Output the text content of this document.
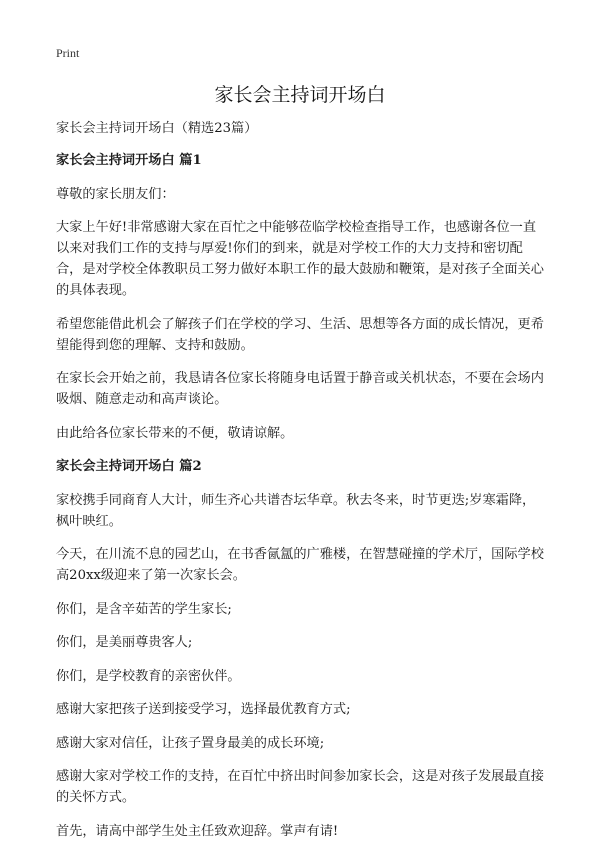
Print
家长会主持词开场白

家长会主持词开场白（精选23篇）

家长会主持词开场白 篇1

尊敬的家长朋友们：

大家上午好!非常感谢大家在百忙之中能够莅临学校检查指导工作，也感谢各位一直以来对我们工作的支持与厚爱!你们的到来，就是对学校工作的大力支持和密切配合，是对学校全体教职员工努力做好本职工作的最大鼓励和鞭策，是对孩子全面关心的具体表现。

希望您能借此机会了解孩子们在学校的学习、生活、思想等各方面的成长情况，更希望能得到您的理解、支持和鼓励。

在家长会开始之前，我恳请各位家长将随身电话置于静音或关机状态，不要在会场内吸烟、随意走动和高声谈论。

由此给各位家长带来的不便，敬请谅解。

家长会主持词开场白 篇2

家校携手同商育人大计，师生齐心共谱杏坛华章。秋去冬来，时节更迭;岁寒霜降，枫叶映红。

今天，在川流不息的园艺山，在书香氤氲的广雅楼，在智慧碰撞的学术厅，国际学校高20xx级迎来了第一次家长会。

你们，是含辛茹苦的学生家长;

你们，是美丽尊贵客人;

你们，是学校教育的亲密伙伴。

感谢大家把孩子送到接受学习，选择最优教育方式;

感谢大家对信任，让孩子置身最美的成长环境;

感谢大家对学校工作的支持，在百忙中挤出时间参加家长会，这是对孩子发展最直接的关怀方式。

首先，请高中部学生处主任致欢迎辞。掌声有请!
